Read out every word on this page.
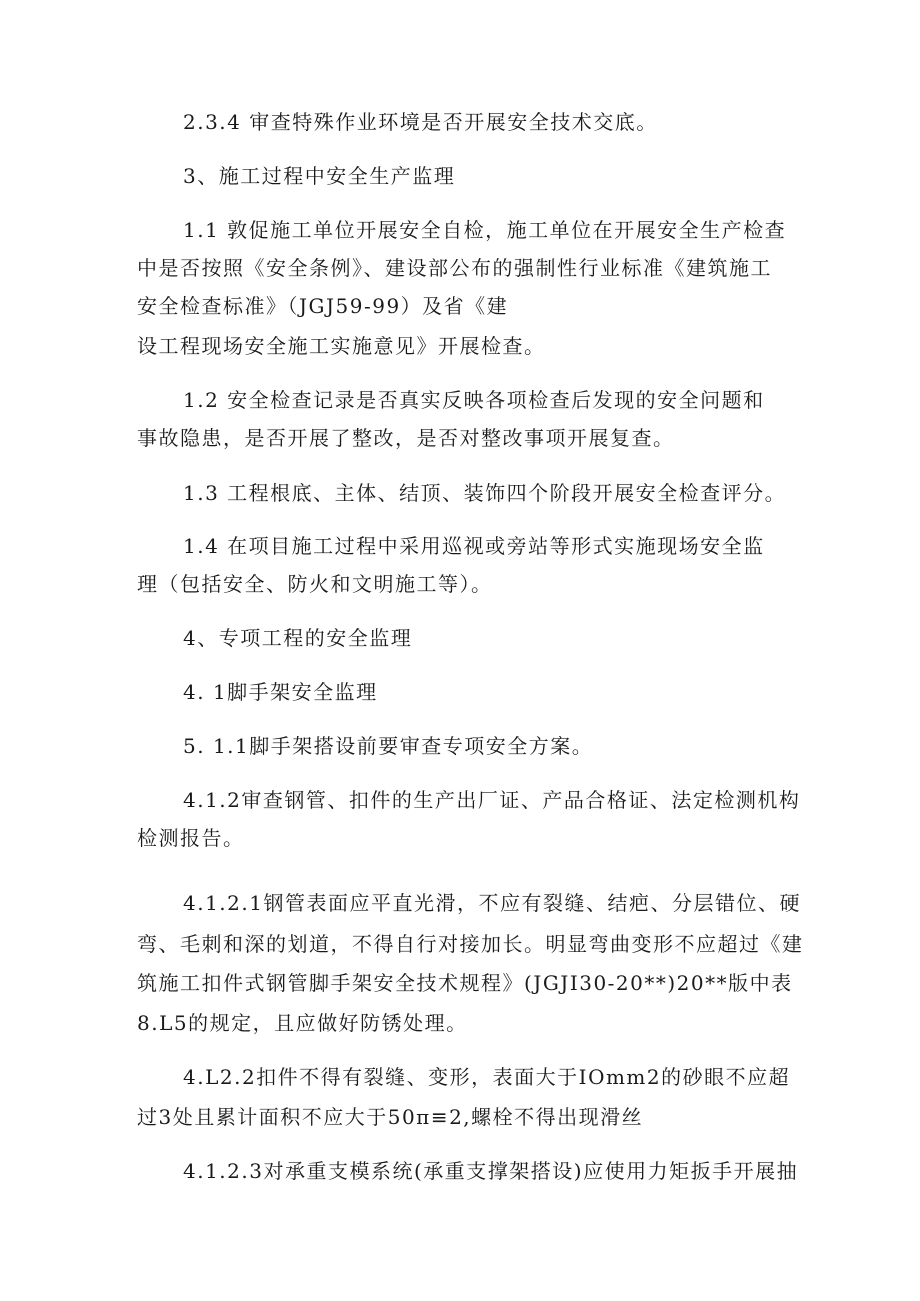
2.3.4 审查特殊作业环境是否开展安全技术交底。
3、施工过程中安全生产监理
1.1 敦促施工单位开展安全自检，施工单位在开展安全生产检查
中是否按照《安全条例》、建设部公布的强制性行业标准《建筑施工
安全检查标准》（JGJ59-99）及省《建
设工程现场安全施工实施意见》开展检查。
1.2 安全检查记录是否真实反映各项检查后发现的安全问题和
事故隐患，是否开展了整改，是否对整改事项开展复查。
1.3 工程根底、主体、结顶、装饰四个阶段开展安全检查评分。
1.4 在项目施工过程中采用巡视或旁站等形式实施现场安全监
理（包括安全、防火和文明施工等）。
4、专项工程的安全监理
4. 1脚手架安全监理
5. 1.1脚手架搭设前要审查专项安全方案。
4.1.2审查钢管、扣件的生产出厂证、产品合格证、法定检测机构
检测报告。
4.1.2.1钢管表面应平直光滑，不应有裂缝、结疤、分层错位、硬
弯、毛刺和深的划道，不得自行对接加长。明显弯曲变形不应超过《建
筑施工扣件式钢管脚手架安全技术规程》(JGJI30-20**)20**版中表
8.L5的规定，且应做好防锈处理。
4.L2.2扣件不得有裂缝、变形，表面大于IOmm2的砂眼不应超
过3处且累计面积不应大于50π≡2,螺栓不得出现滑丝
4.1.2.3对承重支模系统(承重支撑架搭设)应使用力矩扳手开展抽
